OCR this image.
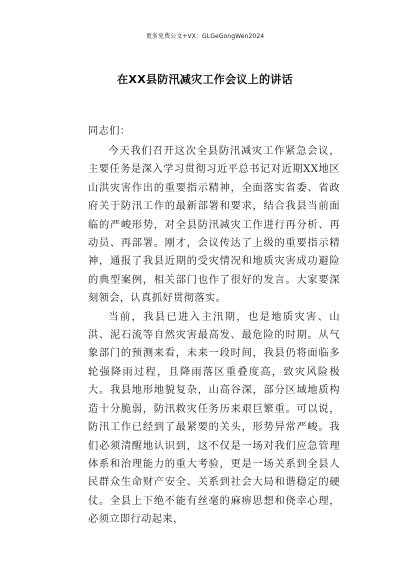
更多免费公文+VX：GLGeGongWen2024
在XX县防汛减灾工作会议上的讲话

同志们：

今天我们召开这次全县防汛减灾工作紧急会议，主要任务是深入学习贯彻习近平总书记对近期XX地区山洪灾害作出的重要指示精神，全面落实省委、省政府关于防汛工作的最新部署和要求，结合我县当前面临的严峻形势，对全县防汛减灾工作进行再分析、再动员、再部署。刚才，会议传达了上级的重要指示精神，通报了我县近期的受灾情况和地质灾害成功避险的典型案例，相关部门也作了很好的发言。大家要深刻领会，认真抓好贯彻落实。

当前，我县已进入主汛期，也是地质灾害、山洪、泥石流等自然灾害最高发、最危险的时期。从气象部门的预测来看，未来一段时间，我县仍将面临多轮强降雨过程，且降雨落区重叠度高，致灾风险极大。我县地形地貌复杂，山高谷深，部分区域地质构造十分脆弱，防汛救灾任务历来艰巨繁重。可以说，防汛工作已经到了最紧要的关头，形势异常严峻。我们必须清醒地认识到，这不仅是一场对我们应急管理体系和治理能力的重大考验，更是一场关系到全县人民群众生命财产安全、关系到社会大局和谐稳定的硬仗。全县上下绝不能有丝毫的麻痹思想和侥幸心理，必须立即行动起来，
